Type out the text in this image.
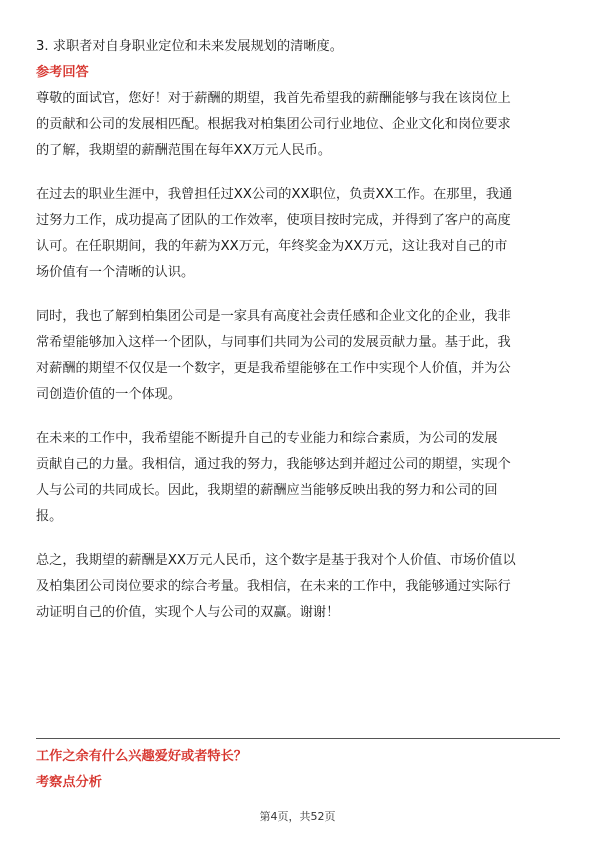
3. 求职者对自身职业定位和未来发展规划的清晰度。
参考回答
尊敬的面试官，您好！对于薪酬的期望，我首先希望我的薪酬能够与我在该岗位上
的贡献和公司的发展相匹配。根据我对柏集团公司行业地位、企业文化和岗位要求
的了解，我期望的薪酬范围在每年XX万元人民币。
在过去的职业生涯中，我曾担任过XX公司的XX职位，负责XX工作。在那里，我通
过努力工作，成功提高了团队的工作效率，使项目按时完成，并得到了客户的高度
认可。在任职期间，我的年薪为XX万元，年终奖金为XX万元，这让我对自己的市
场价值有一个清晰的认识。
同时，我也了解到柏集团公司是一家具有高度社会责任感和企业文化的企业，我非
常希望能够加入这样一个团队，与同事们共同为公司的发展贡献力量。基于此，我
对薪酬的期望不仅仅是一个数字，更是我希望能够在工作中实现个人价值，并为公
司创造价值的一个体现。
在未来的工作中，我希望能不断提升自己的专业能力和综合素质，为公司的发展
贡献自己的力量。我相信，通过我的努力，我能够达到并超过公司的期望，实现个
人与公司的共同成长。因此，我期望的薪酬应当能够反映出我的努力和公司的回
报。
总之，我期望的薪酬是XX万元人民币，这个数字是基于我对个人价值、市场价值以
及柏集团公司岗位要求的综合考量。我相信，在未来的工作中，我能够通过实际行
动证明自己的价值，实现个人与公司的双赢。谢谢！
工作之余有什么兴趣爱好或者特长？
考察点分析
第4页，共52页
